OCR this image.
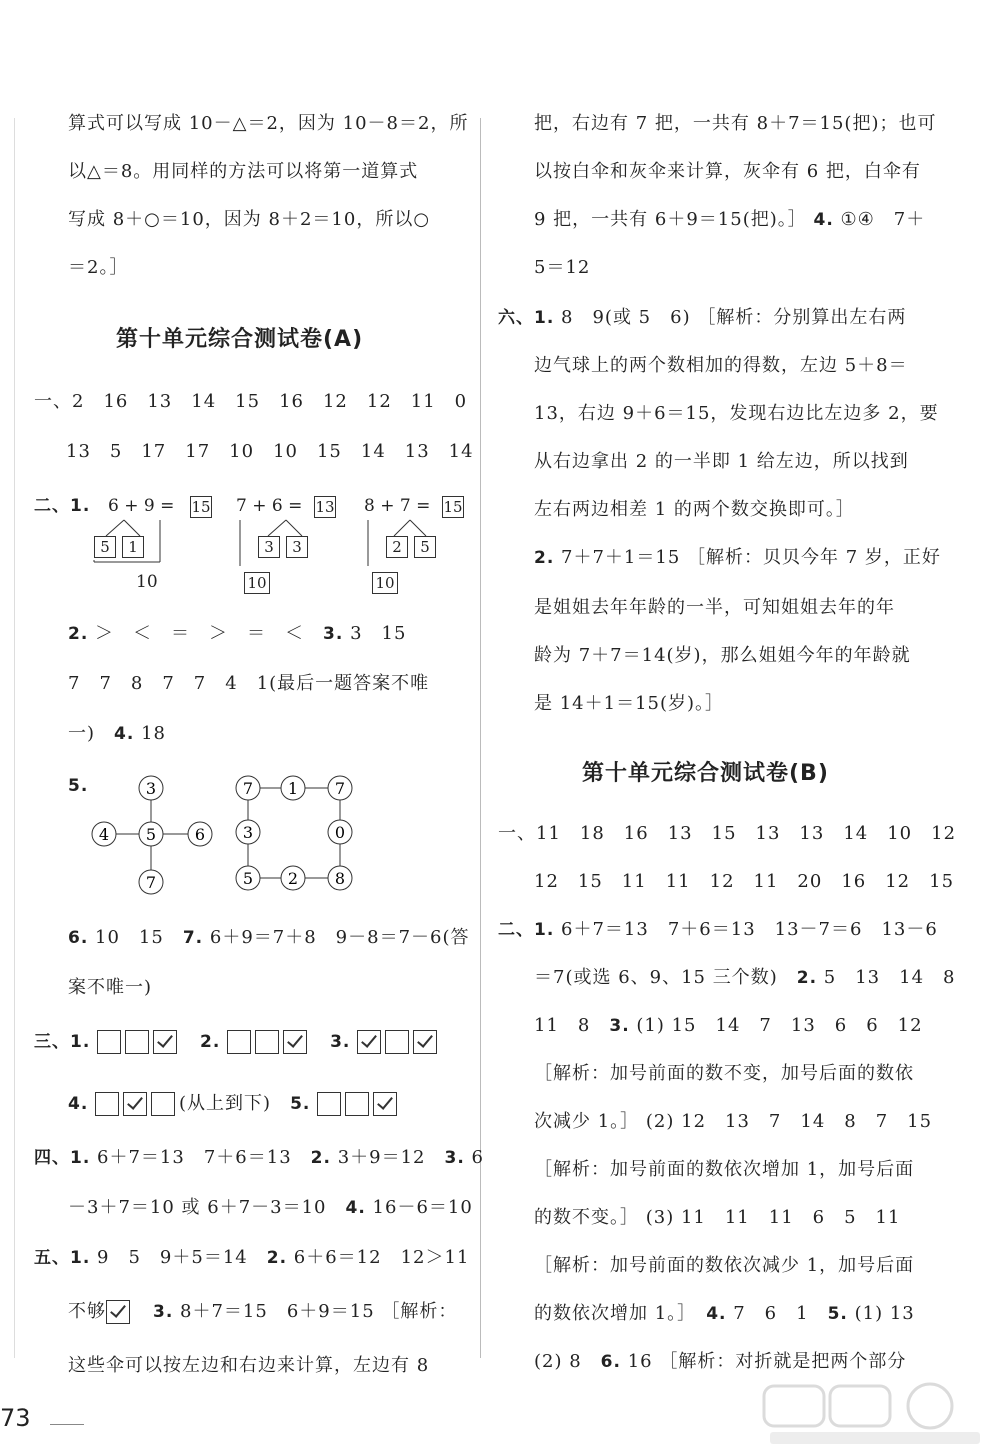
算式可以写成 10－△＝2，因为 10－8＝2，所
以△＝8。用同样的方法可以将第一道算式
写成 8＋○＝10，因为 8＋2＝10，所以○
＝2。］
第十单元综合测试卷(A)
一、2　16　13　14　15　16　12　12　11　0
13　5　17　17　10　10　15　14　13　14
二、1. 6 + 9 = 15
5	1
10
7 + 6 = 13
3	3
10
8 + 7 = 15
2	5
10
2. ＞　＜　＝　＞　＝　＜　 3. 3　15
7　7　8　7　7　4　1(最后一题答案不唯
一)　 4. 18
5.	3
4 5 6
7
7 1 7
3	0
5 2 8
6. 10　15　 7. 6＋9＝7＋8　9－8＝7－6(答
案不唯一)
三、1. 　	2. 　	3.
4.	(从上到下)　 5.
四、1. 6＋7＝13　7＋6＝13　 2. 3＋9＝12　 3. 6
－3＋7＝10 或 6＋7－3＝10　 4. 16－6＝10
五、1. 9　5　9＋5＝14　 2. 6＋6＝12　12＞11
不够　	3. 8＋7＝15　6＋9＝15 ［解析：
这些伞可以按左边和右边来计算，左边有 8
把，右边有 7 把，一共有 8＋7＝15(把)；也可
以按白伞和灰伞来计算，灰伞有 6 把，白伞有
9 把，一共有 6＋9＝15(把)。］ 4. ①④　7＋
5＝12
六、1. 8　9(或 5　6) ［解析：分别算出左右两
边气球上的两个数相加的得数，左边 5＋8＝
13，右边 9＋6＝15，发现右边比左边多 2，要
从右边拿出 2 的一半即 1 给左边，所以找到
左右两边相差 1 的两个数交换即可。］
2. 7＋7＋1＝15 ［解析：贝贝今年 7 岁，正好
是姐姐去年年龄的一半，可知姐姐去年的年
龄为 7＋7＝14(岁)，那么姐姐今年的年龄就
是 14＋1＝15(岁)。］
第十单元综合测试卷(B)
一、11　18　16　13　15　13　13　14　10　12
12　15　11　11　12　11　20　16　12　15
二、1. 6＋7＝13　7＋6＝13　13－7＝6　13－6
＝7(或选 6、9、15 三个数)　 2. 5　13　14　8
11　8　 3. (1) 15　14　7　13　6　6　12
［解析：加号前面的数不变，加号后面的数依
次减少 1。］ (2) 12　13　7　14　8　7　15
［解析：加号前面的数依次增加 1，加号后面
的数不变。］ (3) 11　11　11　6　5　11
［解析：加号前面的数依次减少 1，加号后面
的数依次增加 1。］　 4. 7　6　1　 5. (1) 13
(2) 8　 6. 16 ［解析：对折就是把两个部分
73
